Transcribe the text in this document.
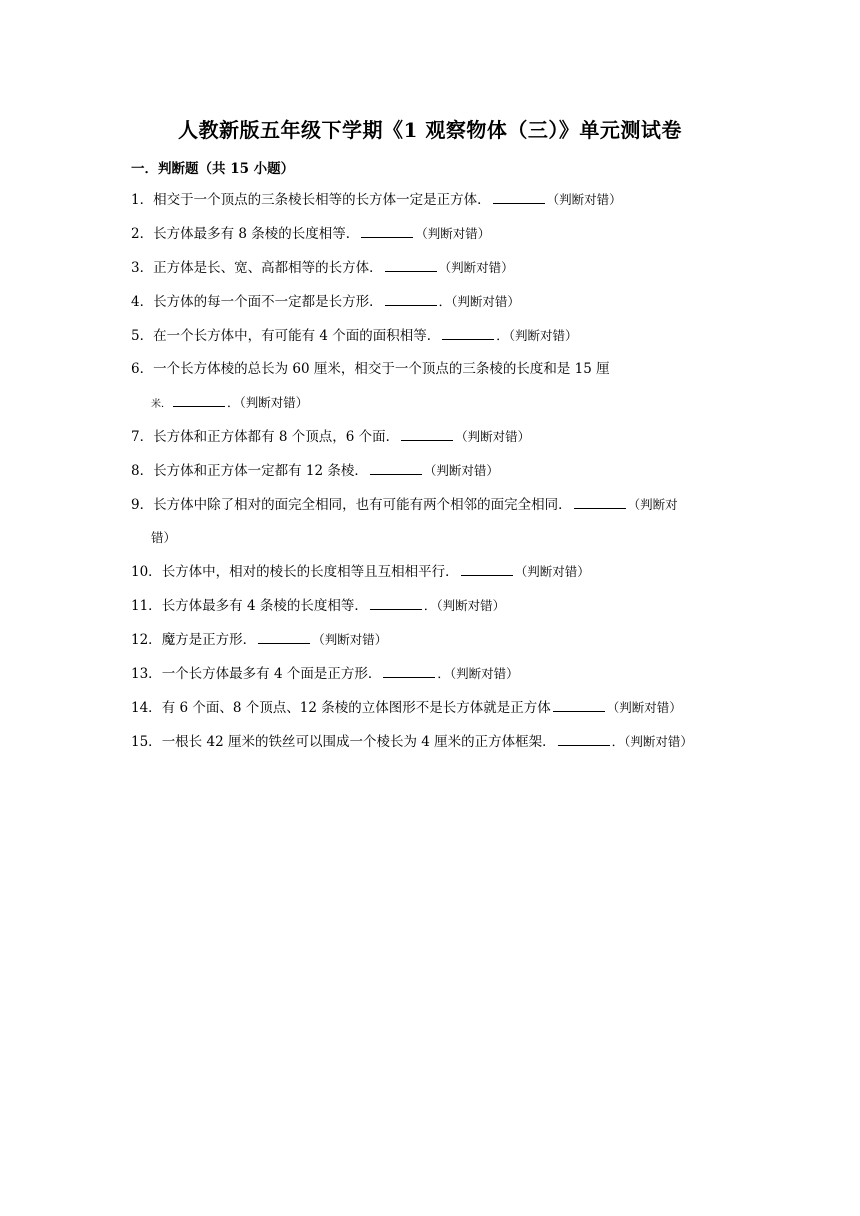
人教新版五年级下学期《1 观察物体（三）》单元测试卷
一．判断题（共 15 小题）
1．相交于一个顶点的三条棱长相等的长方体一定是正方体．	（判断对错）
2．长方体最多有 8 条棱的长度相等．	（判断对错）
3．正方体是长、宽、高都相等的长方体．	（判断对错）
4．长方体的每一个面不一定都是长方形．	．（判断对错）
5．在一个长方体中，有可能有 4 个面的面积相等．	．（判断对错）
6．一个长方体棱的总长为 60 厘米，相交于一个顶点的三条棱的长度和是 15 厘
米．	．（判断对错）
7．长方体和正方体都有 8 个顶点，6 个面．	（判断对错）
8．长方体和正方体一定都有 12 条棱．	（判断对错）
9．长方体中除了相对的面完全相同，也有可能有两个相邻的面完全相同．	（判断对
错）
10．长方体中，相对的棱长的长度相等且互相相平行．	（判断对错）
11．长方体最多有 4 条棱的长度相等．	．（判断对错）
12．魔方是正方形．	（判断对错）
13．一个长方体最多有 4 个面是正方形．	．（判断对错）
14．有 6 个面、8 个顶点、12 条棱的立体图形不是长方体就是正方体	（判断对错）
15．一根长 42 厘米的铁丝可以围成一个棱长为 4 厘米的正方体框架．	．（判断对错）
